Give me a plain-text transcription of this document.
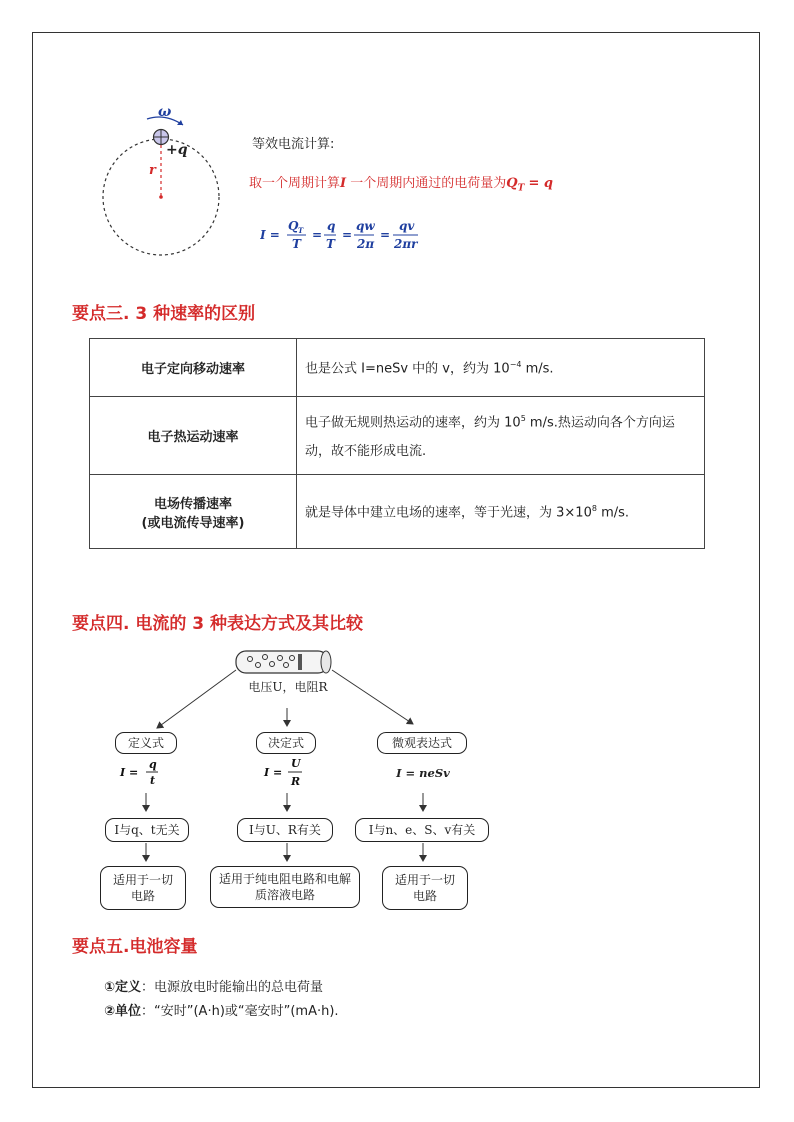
ω
+q
r
等效电流计算:
取一个周期计算I 一个周期内通过的电荷量为$Q_T = q$
I =
Q T
T
=
q
T
=
qw
2π
=
qv
2πr
要点三. 3 种速率的区别
电子定向移动速率	也是公式 I=neSv 中的 v，约为 $10^{-4}$ m/s.
电子热运动速率	电子做无规则热运动的速率，约为 $10^5$ m/s.热运动向各个方向运动，故不能形成电流.

电场传播速率
(或电流传导速率)	就是导体中建立电场的速率，等于光速，为 $3\times 10^8$ m/s.
要点四. 电流的 3 种表达方式及其比较
电压U，电阻R
定义式	决定式	微观表达式
I =
q
t
I =
U
R
I = neSv
I与q、t无关	I与U、R有关	I与n、e、S、v有关
适用于一切电路
适用于纯电阻电路和电解质溶液电路
适用于一切电路
要点五.电池容量
①定义：电源放电时能输出的总电荷量
②单位：“安时”(A·h)或“毫安时”(mA·h).
